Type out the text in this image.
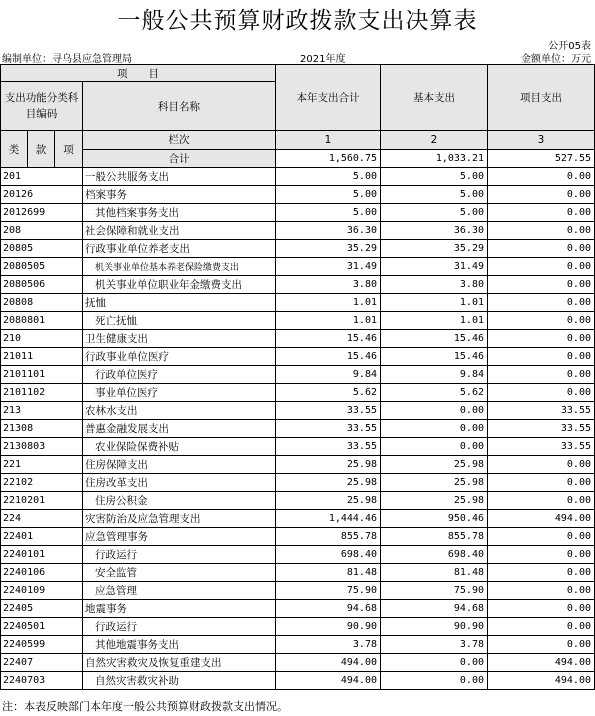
一般公共预算财政拨款支出决算表
公开05表
编制单位：寻乌县应急管理局	2021年度	金额单位：万元
项　　目				本年支出合计	基本支出	项目支出
支出功能分类科目编码			科目名称			

类	款	项				
			栏次	1	2	3
			合计	1,560.75	1,033.21	527.55
201			一般公共服务支出	5.00	5.00	0.00
20126			档案事务	5.00	5.00	0.00
2012699			其他档案事务支出	5.00	5.00	0.00
208			社会保障和就业支出	36.30	36.30	0.00
20805			行政事业单位养老支出	35.29	35.29	0.00
2080505			机关事业单位基本养老保险缴费支出	31.49	31.49	0.00
2080506			机关事业单位职业年金缴费支出	3.80	3.80	0.00
20808			抚恤	1.01	1.01	0.00
2080801			死亡抚恤	1.01	1.01	0.00
210			卫生健康支出	15.46	15.46	0.00
21011			行政事业单位医疗	15.46	15.46	0.00
2101101			行政单位医疗	9.84	9.84	0.00
2101102			事业单位医疗	5.62	5.62	0.00
213			农林水支出	33.55	0.00	33.55
21308			普惠金融发展支出	33.55	0.00	33.55
2130803			农业保险保费补贴	33.55	0.00	33.55
221			住房保障支出	25.98	25.98	0.00
22102			住房改革支出	25.98	25.98	0.00
2210201			住房公积金	25.98	25.98	0.00
224			灾害防治及应急管理支出	1,444.46	950.46	494.00
22401			应急管理事务	855.78	855.78	0.00
2240101			行政运行	698.40	698.40	0.00
2240106			安全监管	81.48	81.48	0.00
2240109			应急管理	75.90	75.90	0.00
22405			地震事务	94.68	94.68	0.00
2240501			行政运行	90.90	90.90	0.00
2240599			其他地震事务支出	3.78	3.78	0.00
22407			自然灾害救灾及恢复重建支出	494.00	0.00	494.00
2240703			自然灾害救灾补助	494.00	0.00	494.00
注：本表反映部门本年度一般公共预算财政拨款支出情况。
